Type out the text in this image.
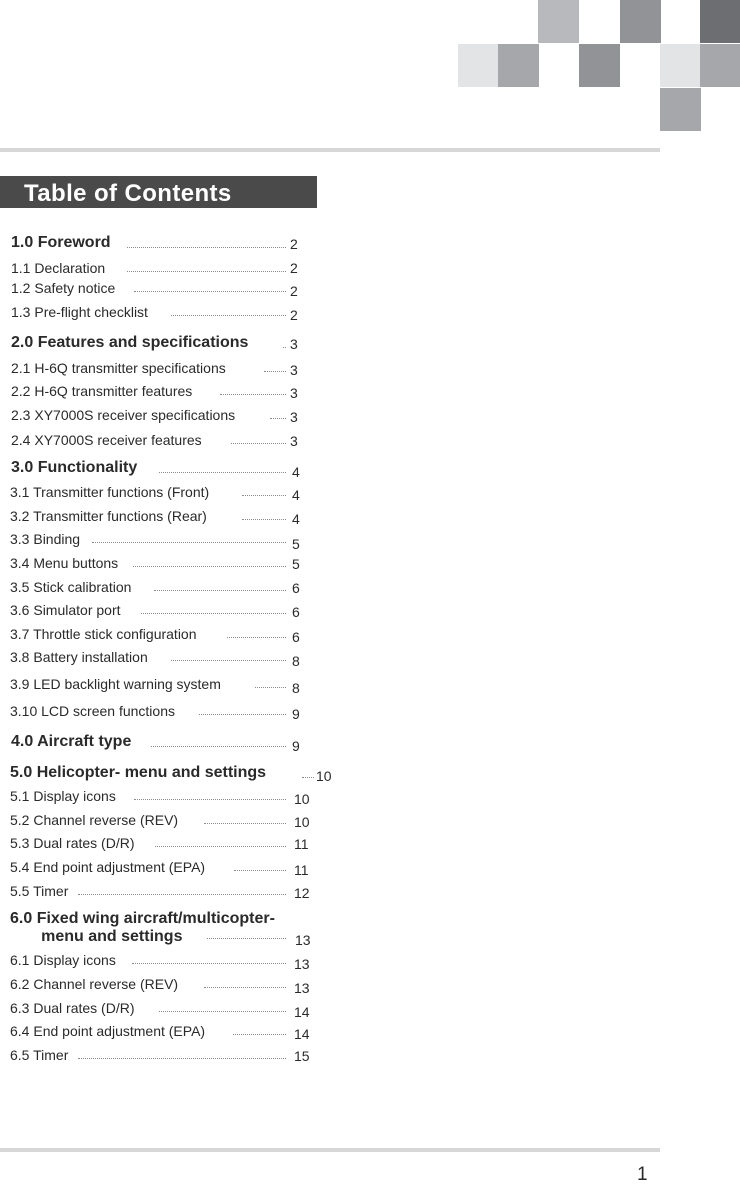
Table of Contents
1.0 Foreword	2
1.1 Declaration	2
1.2 Safety notice	2
1.3 Pre-flight checklist	2
2.0 Features and specifications	3
2.1 H-6Q transmitter specifications	3
2.2 H-6Q transmitter features	3
2.3 XY7000S receiver specifications	3
2.4 XY7000S receiver features	3
3.0 Functionality	4
3.1 Transmitter functions (Front)	4
3.2 Transmitter functions (Rear)	4
3.3 Binding	5
3.4 Menu buttons	5
3.5 Stick calibration	6
3.6 Simulator port	6
3.7 Throttle stick configuration	6
3.8 Battery installation	8
3.9 LED backlight warning system	8
3.10 LCD screen functions	9
4.0 Aircraft type	9
5.0 Helicopter- menu and settings	10
5.1 Display icons	10
5.2 Channel reverse (REV)	10
5.3 Dual rates (D/R)	11
5.4 End point adjustment (EPA)	11
5.5 Timer	12
6.0 Fixed wing aircraft/multicopter-
menu and settings	13
6.1 Display icons	13
6.2 Channel reverse (REV)	13
6.3 Dual rates (D/R)	14
6.4 End point adjustment (EPA)	14
6.5 Timer	15
1
